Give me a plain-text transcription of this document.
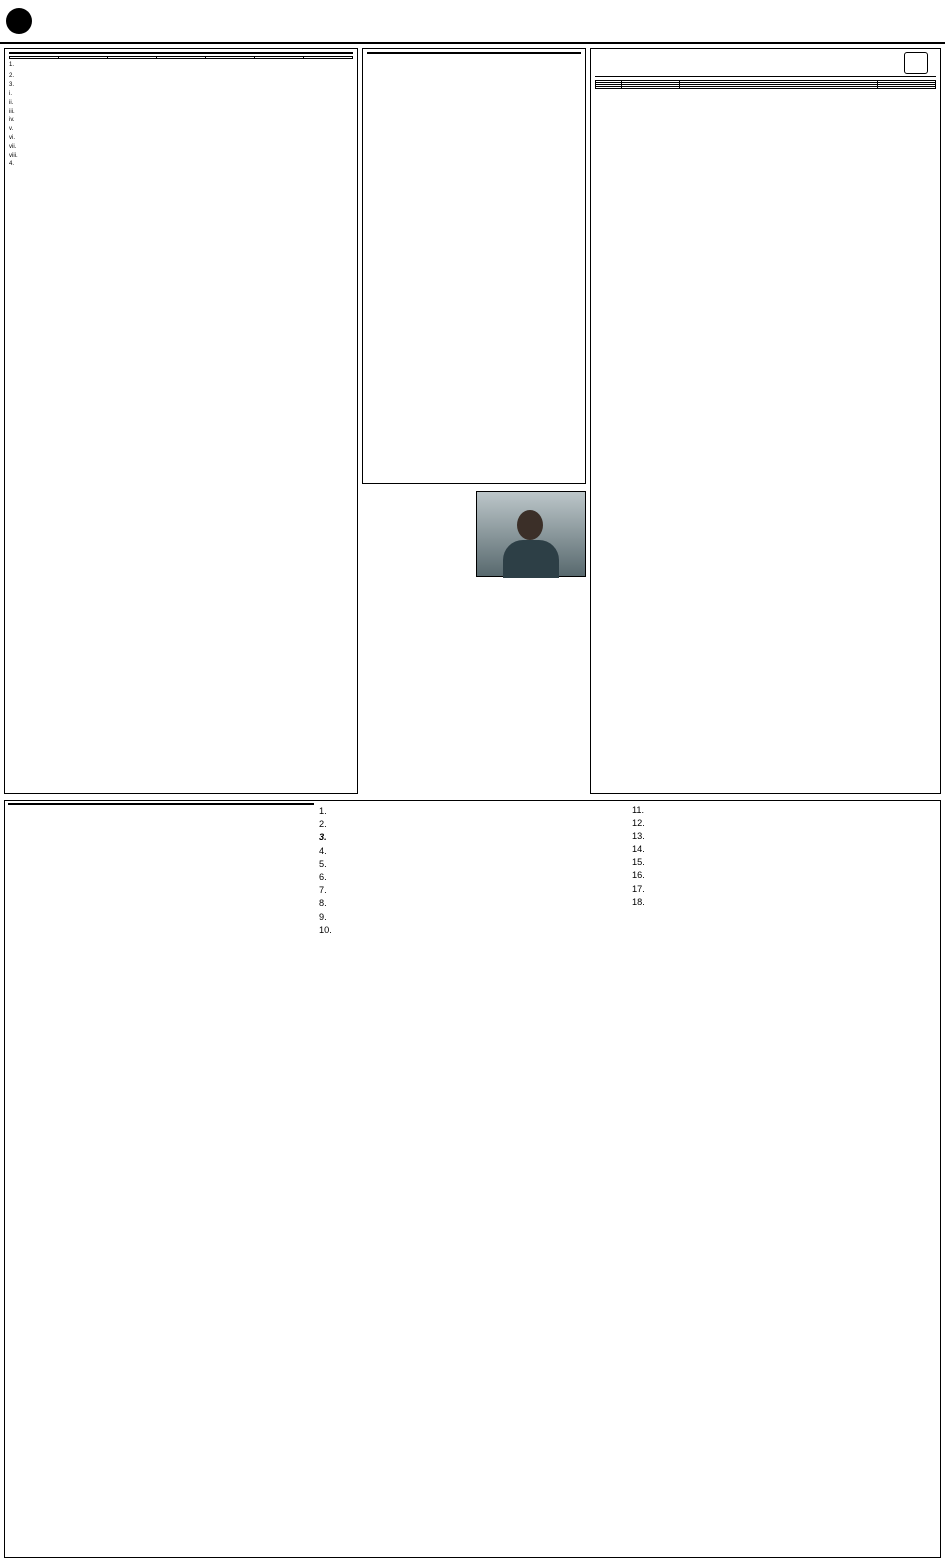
1.

2.

3.

i.

ii.

iii.

iv.

v.

vi.

vii.

viii.

4.

1.

2.

3.

4.

5.

6.

7.

8.

9.

10.

11.

12.

13.

14.

15.

16.

17.

18.
